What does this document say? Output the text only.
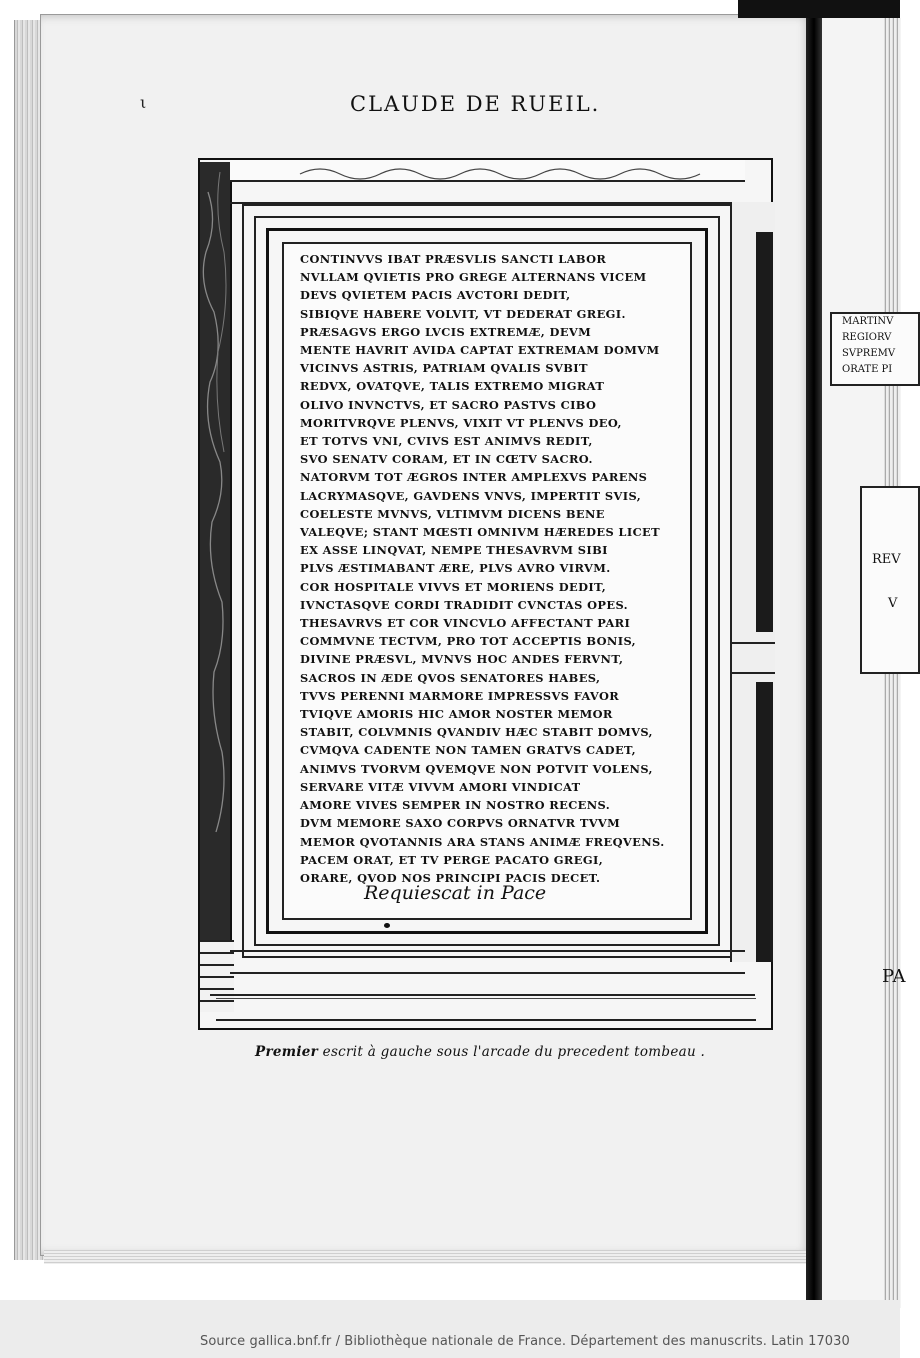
ι	CLAUDE DE RUEIL.
CONTINVVS IBAT PRÆSVLIS SANCTI LABOR
NVLLAM QVIETIS PRO GREGE ALTERNANS VICEM
DEVS QVIETEM PACIS AVCTORI DEDIT,
SIBIQVE HABERE VOLVIT, VT DEDERAT GREGI.
PRÆSAGVS ERGO LVCIS EXTREMÆ, DEVM
MENTE HAVRIT AVIDA CAPTAT EXTREMAM DOMVM
VICINVS ASTRIS, PATRIAM QVALIS SVBIT
REDVX, OVATQVE, TALIS EXTREMO MIGRAT
OLIVO INVNCTVS, ET SACRO PASTVS CIBO
MORITVRQVE PLENVS, VIXIT VT PLENVS DEO,
ET TOTVS VNI, CVIVS EST ANIMVS REDIT,
SVO SENATV CORAM, ET IN CŒTV SACRO.
NATORVM TOT ÆGROS INTER AMPLEXVS PARENS
LACRYMASQVE, GAVDENS VNVS, IMPERTIT SVIS,
COELESTE MVNVS, VLTIMVM DICENS BENE
VALEQVE; STANT MŒSTI OMNIVM HÆREDES LICET
EX ASSE LINQVAT, NEMPE THESAVRVM SIBI
PLVS ÆSTIMABANT ÆRE, PLVS AVRO VIRVM.
COR HOSPITALE VIVVS ET MORIENS DEDIT,
IVNCTASQVE CORDI TRADIDIT CVNCTAS OPES.
THESAVRVS ET COR VINCVLO AFFECTANT PARI
COMMVNE TECTVM, PRO TOT ACCEPTIS BONIS,
DIVINE PRÆSVL, MVNVS HOC ANDES FERVNT,
SACROS IN ÆDE QVOS SENATORES HABES,
TVVS PERENNI MARMORE IMPRESSVS FAVOR
TVIQVE AMORIS HIC AMOR NOSTER MEMOR
STABIT, COLVMNIS QVANDIV HÆC STABIT DOMVS,
CVMQVA CADENTE NON TAMEN GRATVS CADET,
ANIMVS TVORVM QVEMQVE NON POTVIT VOLENS,
SERVARE VITÆ VIVVM AMORI VINDICAT
AMORE VIVES SEMPER IN NOSTRO RECENS.
DVM MEMORE SAXO CORPVS ORNATVR TVVM
MEMOR QVOTANNIS ARA STANS ANIMÆ FREQVENS.
PACEM ORAT, ET TV PERGE PACATO GREGI,
ORARE, QVOD NOS PRINCIPI PACIS DECET.
Requiescat in Pace
Premier escrit à gauche sous l'arcade du precedent tombeau .
MARTINV
REGIORV
SVPREMV
ORATE PI
REV
V
PA
Source gallica.bnf.fr / Bibliothèque nationale de France. Département des manuscrits. Latin 17030
